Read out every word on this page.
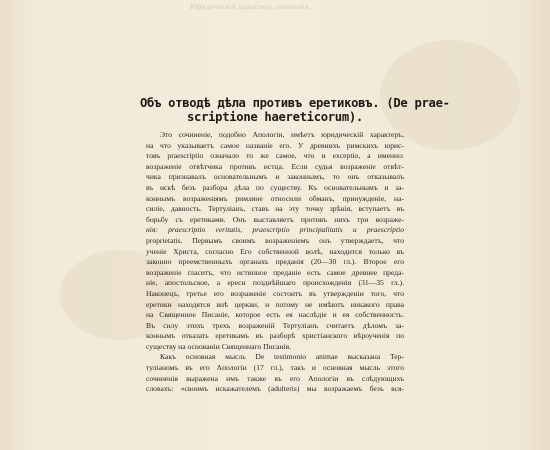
Юридическій характеръ сочиненія
Объ отводѣ дѣла противъ еретиковъ. (De prae-
scriptione haereticorum).
Это сочиненіе, подобно Апологіи, имѣетъ юридическій характеръ,
на что указываетъ самое названіе его. У древнихъ римскихъ юрис-
товъ praescriptio означало то же самое, что и exceptio, а именно:
возраженіе отвѣтчика противъ истца. Если судья возраженіе отвѣт-
чика признавалъ основательнымъ и законнымъ, то онъ отказывалъ
въ искѣ безъ разбора дѣла по существу. Къ основательнымъ и за-
коннымъ возраженіямъ римляне относили обманъ, принужденіе, на-
силіе, давность. Тертуліанъ, ставъ на эту точку зрѣнія, вступаетъ въ
борьбу съ еретиками. Онъ выставляетъ противъ нихъ три возраже-
нія: praescriptio veritatis, praescriptio principalitatis и praescriptio
proprietatis. Первымъ своимъ возраженіемъ онъ утверждаетъ, что
ученіе Христа, согласно Его собственной волѣ, находится только въ
законно преемственныхъ органахъ преданія (20—30 гл.). Второе его
возраженіе гласитъ, что истинное преданіе есть самое древнее преда-
ніе, апостольское, а ереси позднѣйшаго происхожденія (31—35 гл.).
Наконецъ, третье его возраженіе состоитъ въ утвержденіи того, что
еретики находятся внѣ церкви, и потому не имѣютъ никакого права
на Священное Писаніе, которое есть ея наслѣдіе и ея собственность.
Въ силу этихъ трехъ возраженій Тертуліанъ считаетъ дѣломъ за-
коннымъ отказать еретикамъ въ разборѣ христіанского вѣроученія по
существу на основаніи Священнаго Писанія.
Какъ основная мысль De testimonio animae высказана Тер-
туліаномъ въ его Апологіи (17 гл.), такъ и основная мысль этого
сочиненія выражена имъ также въ его Апологіи въ слѣдующихъ
словахъ: «своимъ искажателемъ (adulteris) мы возражаемъ безъ вся-
